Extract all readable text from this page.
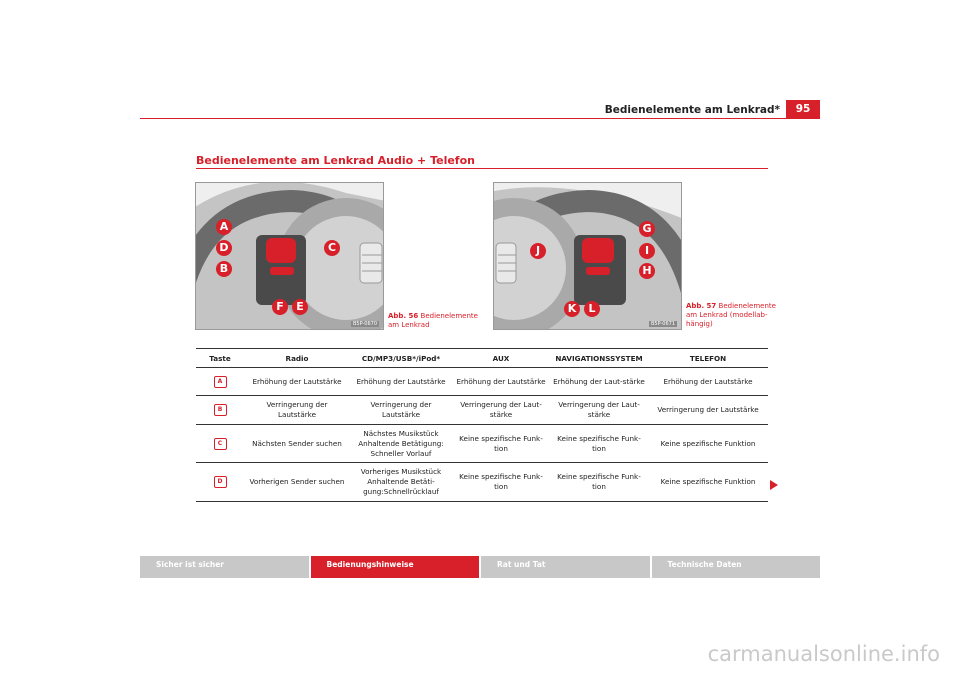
Bedienelemente am Lenkrad*	95
Bedienelemente am Lenkrad Audio + Telefon
A
D
B
C
F	E
B5P-0670
Abb. 56 Bedienelemente am Lenkrad
G
J	I
H
K	L
B5P-0671
Abb. 57 Bedienelemente am Lenkrad (modellab-hängig)
Taste	Radio	CD/MP3/USB*/iPod*	AUX	NAVIGATIONSSYSTEM	TELEFON
A	Erhöhung der Lautstärke	Erhöhung der Lautstärke	Erhöhung der Lautstärke	Erhöhung der Laut-stärke	Erhöhung der Lautstärke
B	Verringerung der Lautstärke	Verringerung der Lautstärke	Verringerung der Laut-stärke	Verringerung der Laut-stärke	Verringerung der Lautstärke
C	Nächsten Sender suchen	Nächstes Musikstück Anhaltende Betätigung: Schneller Vorlauf	Keine spezifische Funk-tion	Keine spezifische Funk-tion	Keine spezifische Funktion
D	Vorherigen Sender suchen	Vorheriges Musikstück Anhaltende Betäti-gung:Schnellrücklauf	Keine spezifische Funk-tion	Keine spezifische Funk-tion	Keine spezifische Funktion
Sicher ist sicher	Bedienungshinweise	Rat und Tat	Technische Daten
carmanualsonline.info
